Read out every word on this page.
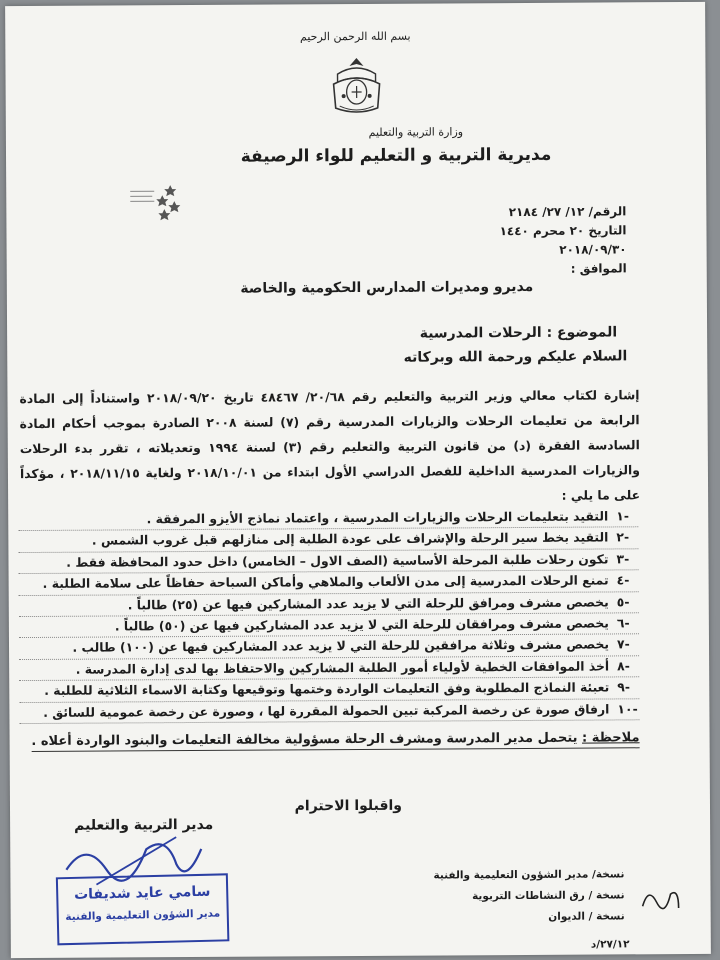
بسم الله الرحمن الرحيم
وزارة التربية والتعليم
مديرية التربية و التعليم للواء الرصيفة
الرقم/ ١٢/ ٢٧/ ٢١٨٤
التاريخ ٢٠ محرم ١٤٤٠
٢٠١٨/٠٩/٣٠
الموافق :
مديرو ومديرات المدارس الحكومية والخاصة
الموضوع : الرحلات المدرسية
السلام عليكم ورحمة الله وبركاته

إشارة لكتاب معالي وزير التربية والتعليم رقم ٢٠/٦٨/ ٤٨٤٦٧ تاريخ ٢٠١٨/٠٩/٢٠ واستناداً إلى المادة الرابعة من تعليمات الرحلات والزيارات المدرسية رقم (٧) لسنة ٢٠٠٨ الصادرة بموجب أحكام المادة السادسة الفقرة (د) من قانون التربية والتعليم رقم (٣) لسنة ١٩٩٤ وتعديلاته ، تقرر بدء الرحلات والزيارات المدرسية الداخلية للفصل الدراسي الأول ابتداء من ٢٠١٨/١٠/٠١ ولغاية ٢٠١٨/١١/١٥ ، مؤكداً على ما يلي :

-١
التقيد بتعليمات الرحلات والزيارات المدرسية ، واعتماد نماذج الأيزو المرفقة .
-٢
التقيد بخط سير الرحلة والإشراف على عودة الطلبة إلى منازلهم قبل غروب الشمس .
-٣
تكون رحلات طلبة المرحلة الأساسية (الصف الاول – الخامس) داخل حدود المحافظة فقط .
-٤
تمنع الرحلات المدرسية إلى مدن الألعاب والملاهي وأماكن السباحة حفاظاً على سلامة الطلبة .
-٥
يخصص مشرف ومرافق للرحلة التي لا يزيد عدد المشاركين فيها عن (٢٥) طالباً .
-٦
يخصص مشرف ومرافقان للرحلة التي لا يزيد عدد المشاركين فيها عن (٥٠) طالباً .
-٧
يخصص مشرف وثلاثة مرافقين للرحلة التي لا يزيد عدد المشاركين فيها عن (١٠٠) طالب .
-٨
أخذ الموافقات الخطية لأولياء أمور الطلبة المشاركين والاحتفاظ بها لدى إدارة المدرسة .
-٩
تعبئة النماذج المطلوبة وفق التعليمات الواردة وختمها وتوقيعها وكتابة الاسماء الثلاثية للطلبة .
-١٠
ارفاق صورة عن رخصة المركبة تبين الحمولة المقررة لها ، وصورة عن رخصة عمومية للسائق .
ملاحظة : يتحمل مدير المدرسة ومشرف الرحلة مسؤولية مخالفة التعليمات والبنود الواردة أعلاه .
واقبلوا الاحترام
مدير التربية والتعليم
سامي عايد شديفات
مدير الشؤون التعليمية والفنية
نسخة/ مدير الشؤون التعليمية والفنية
نسخة / رق النشاطات التربوية
نسخة / الديوان
٢٧/١٢/د
